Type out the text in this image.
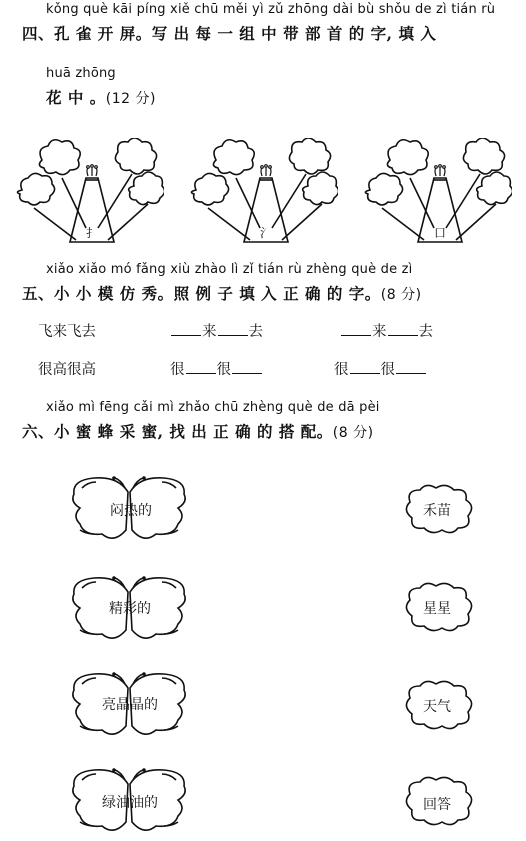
kǒng què kāi píng xiě chū měi yì zǔ zhōng dài bù shǒu de zì tián rù
四、孔 雀 开 屏。写 出 每 一 组 中 带 部 首 的 字, 填 入
huā zhōng
花 中 。(12 分)
扌	氵	口
xiǎo xiǎo mó fǎng xiù zhào lì zǐ tián rù zhèng què de zì
五、小 小 模 仿 秀。照 例 子 填 入 正 确 的 字。(8 分)
飞来飞去	来 去	来 去
很高很高	很 很	很 很
xiǎo mì fēng cǎi mì zhǎo chū zhèng què de dā pèi
六、小 蜜 蜂 采 蜜, 找 出 正 确 的 搭 配。(8 分)
闷热的
精彩的
亮晶晶的
绿油油的
禾苗
星星
天气
回答
